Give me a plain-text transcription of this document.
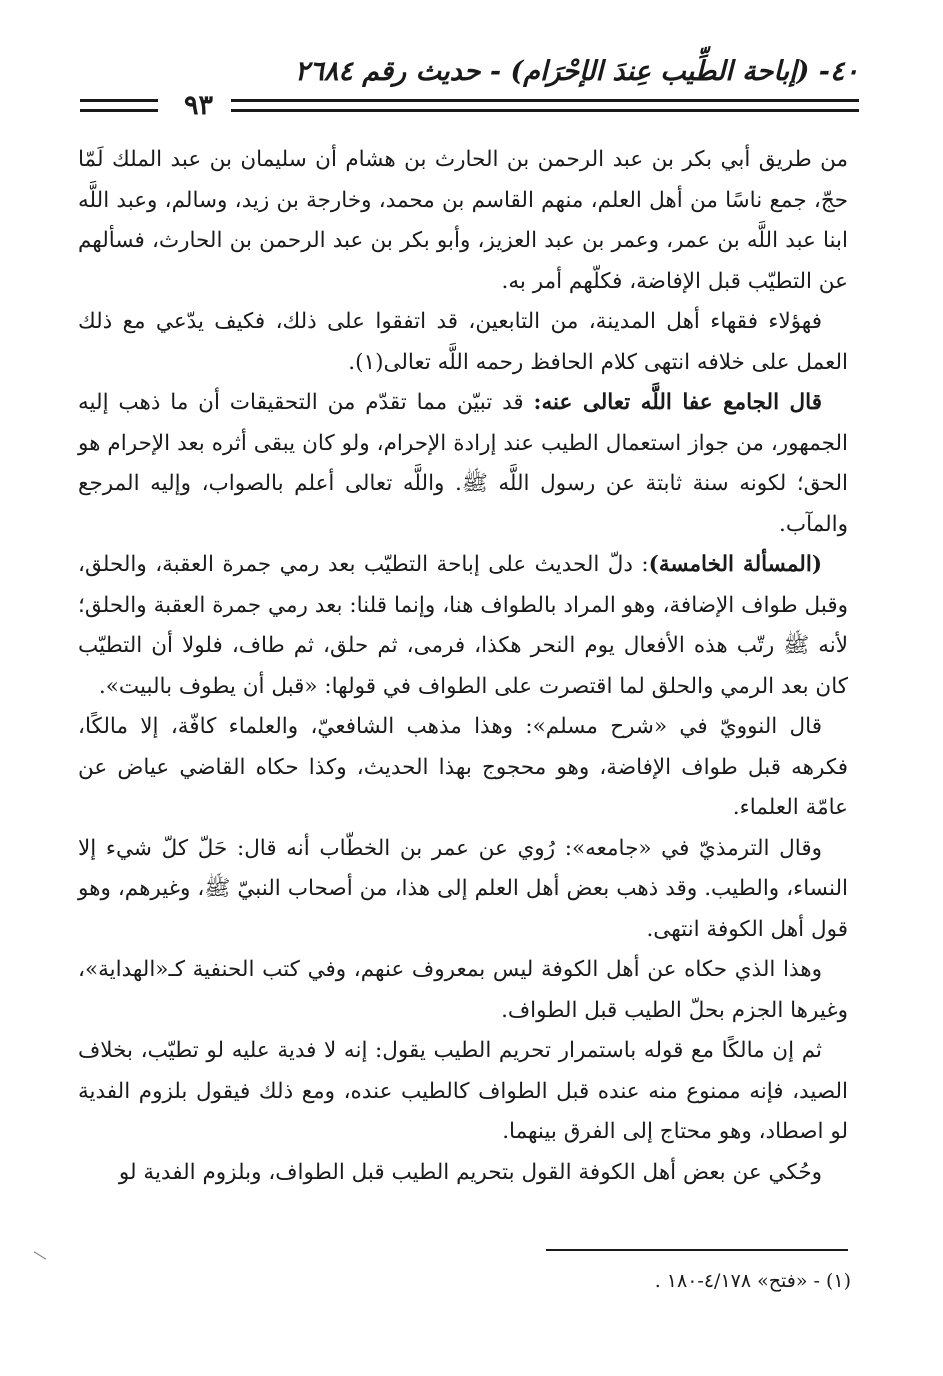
٤٠- (إباحة الطِّيب عِندَ الإحْرَام) - حديث رقم ٢٦٨٤
٩٣

من طريق أبي بكر بن عبد الرحمن بن الحارث بن هشام أن سليمان بن عبد الملك لَمّا حجّ، جمع ناسًا من أهل العلم، منهم القاسم بن محمد، وخارجة بن زيد، وسالم، وعبد اللَّه ابنا عبد اللَّه بن عمر، وعمر بن عبد العزيز، وأبو بكر بن عبد الرحمن بن الحارث، فسألهم عن التطيّب قبل الإفاضة، فكلّهم أمر به.

فهؤلاء فقهاء أهل المدينة، من التابعين، قد اتفقوا على ذلك، فكيف يدّعي مع ذلك العمل على خلافه انتهى كلام الحافظ رحمه اللَّه تعالى(١).

قال الجامع عفا اللَّه تعالى عنه: قد تبيّن مما تقدّم من التحقيقات أن ما ذهب إليه الجمهور، من جواز استعمال الطيب عند إرادة الإحرام، ولو كان يبقى أثره بعد الإحرام هو الحق؛ لكونه سنة ثابتة عن رسول اللَّه ﷺ. واللَّه تعالى أعلم بالصواب، وإليه المرجع والمآب.

(المسألة الخامسة): دلّ الحديث على إباحة التطيّب بعد رمي جمرة العقبة، والحلق، وقبل طواف الإضافة، وهو المراد بالطواف هنا، وإنما قلنا: بعد رمي جمرة العقبة والحلق؛ لأنه ﷺ رتّب هذه الأفعال يوم النحر هكذا، فرمى، ثم حلق، ثم طاف، فلولا أن التطيّب كان بعد الرمي والحلق لما اقتصرت على الطواف في قولها: «قبل أن يطوف بالبيت».

قال النوويّ في «شرح مسلم»: وهذا مذهب الشافعيّ، والعلماء كافّة، إلا مالكًا، فكرهه قبل طواف الإفاضة، وهو محجوج بهذا الحديث، وكذا حكاه القاضي عياض عن عامّة العلماء.

وقال الترمذيّ في «جامعه»: رُوي عن عمر بن الخطّاب أنه قال: حَلّ كلّ شيء إلا النساء، والطيب. وقد ذهب بعض أهل العلم إلى هذا، من أصحاب النبيّ ﷺ، وغيرهم، وهو قول أهل الكوفة انتهى.

وهذا الذي حكاه عن أهل الكوفة ليس بمعروف عنهم، وفي كتب الحنفية كـ«الهداية»، وغيرها الجزم بحلّ الطيب قبل الطواف.

ثم إن مالكًا مع قوله باستمرار تحريم الطيب يقول: إنه لا فدية عليه لو تطيّب، بخلاف الصيد، فإنه ممنوع منه عنده قبل الطواف كالطيب عنده، ومع ذلك فيقول بلزوم الفدية لو اصطاد، وهو محتاج إلى الفرق بينهما.

وحُكي عن بعض أهل الكوفة القول بتحريم الطيب قبل الطواف، وبلزوم الفدية لو

(١) - «فتح» ٤/١٧٨-١٨٠ .
